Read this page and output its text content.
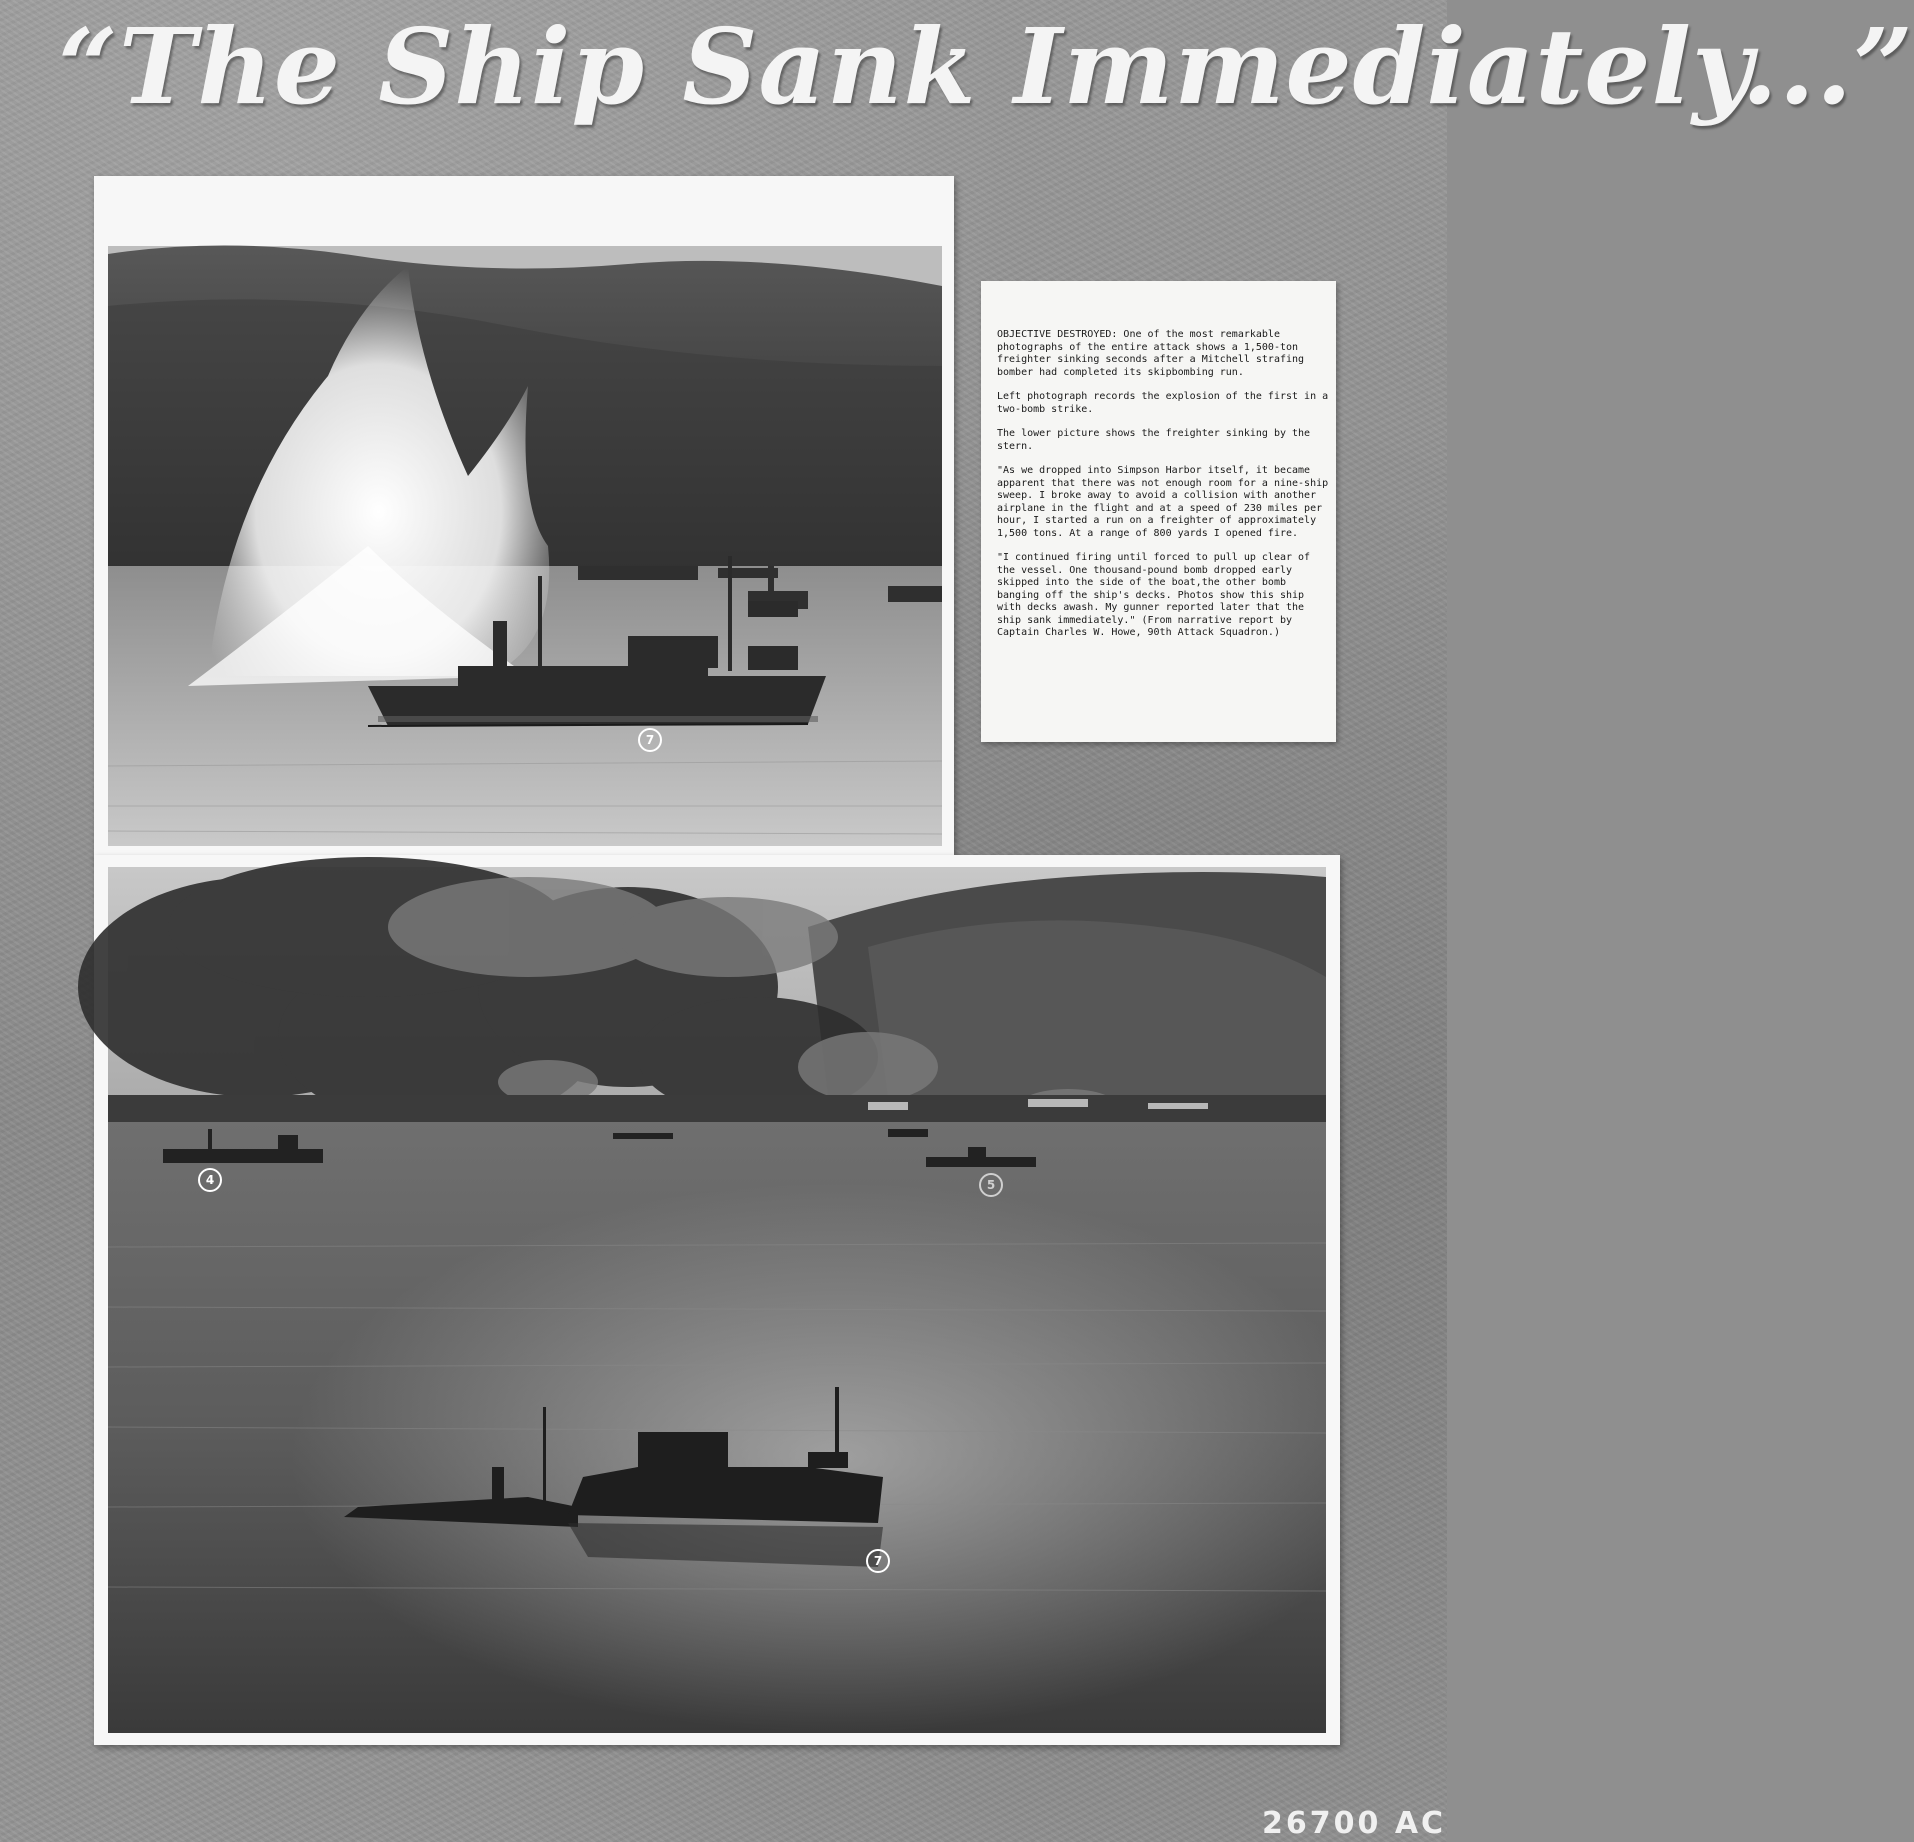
“The Ship Sank Immediately...”
7

OBJECTIVE DESTROYED: One of the most remarkable photographs of the entire attack shows a 1,500-ton freighter sinking seconds after a Mitchell strafing bomber had completed its skipbombing run.

Left photograph records the explosion of the first in a two-bomb strike.

The lower picture shows the freighter sinking by the stern.

"As we dropped into Simpson Harbor itself, it became apparent that there was not enough room for a nine-ship sweep. I broke away to avoid a collision with another airplane in the flight and at a speed of 230 miles per hour, I started a run on a freighter of approximately 1,500 tons. At a range of 800 yards I opened fire.

"I continued firing until forced to pull up clear of the vessel. One thousand-pound bomb dropped early skipped into the side of the boat,the other bomb banging off the ship's decks. Photos show this ship with decks awash. My gunner reported later that the ship sank immediately." (From narrative report by Captain Charles W. Howe, 90th Attack Squadron.)

4	5
7
26700 AC
